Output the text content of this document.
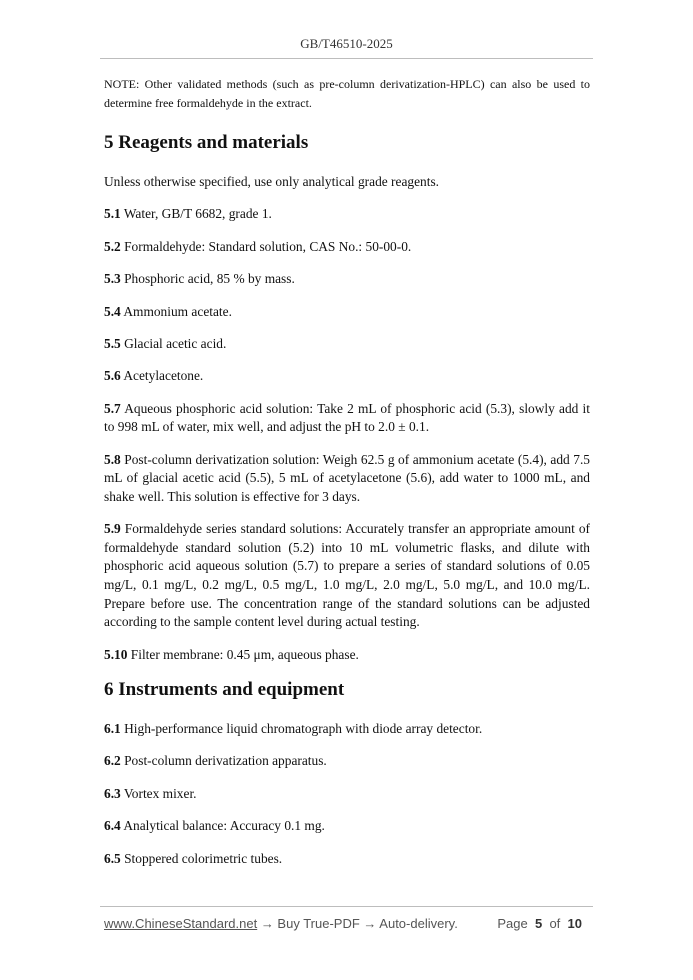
GB/T46510-2025

NOTE: Other validated methods (such as pre-column derivatization-HPLC) can also be used to determine free formaldehyde in the extract.

5 Reagents and materials

Unless otherwise specified, use only analytical grade reagents.

5.1 Water, GB/T 6682, grade 1.

5.2 Formaldehyde: Standard solution, CAS No.: 50-00-0.

5.3 Phosphoric acid, 85 % by mass.

5.4 Ammonium acetate.

5.5 Glacial acetic acid.

5.6 Acetylacetone.

5.7 Aqueous phosphoric acid solution: Take 2 mL of phosphoric acid (5.3), slowly add it to 998 mL of water, mix well, and adjust the pH to 2.0 ± 0.1.

5.8 Post-column derivatization solution: Weigh 62.5 g of ammonium acetate (5.4), add 7.5 mL of glacial acetic acid (5.5), 5 mL of acetylacetone (5.6), add water to 1000 mL, and shake well. This solution is effective for 3 days.

5.9 Formaldehyde series standard solutions: Accurately transfer an appropriate amount of formaldehyde standard solution (5.2) into 10 mL volumetric flasks, and dilute with phosphoric acid aqueous solution (5.7) to prepare a series of standard solutions of 0.05 mg/L, 0.1 mg/L, 0.2 mg/L, 0.5 mg/L, 1.0 mg/L, 2.0 mg/L, 5.0 mg/L, and 10.0 mg/L. Prepare before use. The concentration range of the standard solutions can be adjusted according to the sample content level during actual testing.

5.10 Filter membrane: 0.45 μm, aqueous phase.

6 Instruments and equipment

6.1 High-performance liquid chromatograph with diode array detector.

6.2 Post-column derivatization apparatus.

6.3 Vortex mixer.

6.4 Analytical balance: Accuracy 0.1 mg.

6.5 Stoppered colorimetric tubes.

www.ChineseStandard.net → Buy True-PDF → Auto-delivery.	Page 5 of 10
